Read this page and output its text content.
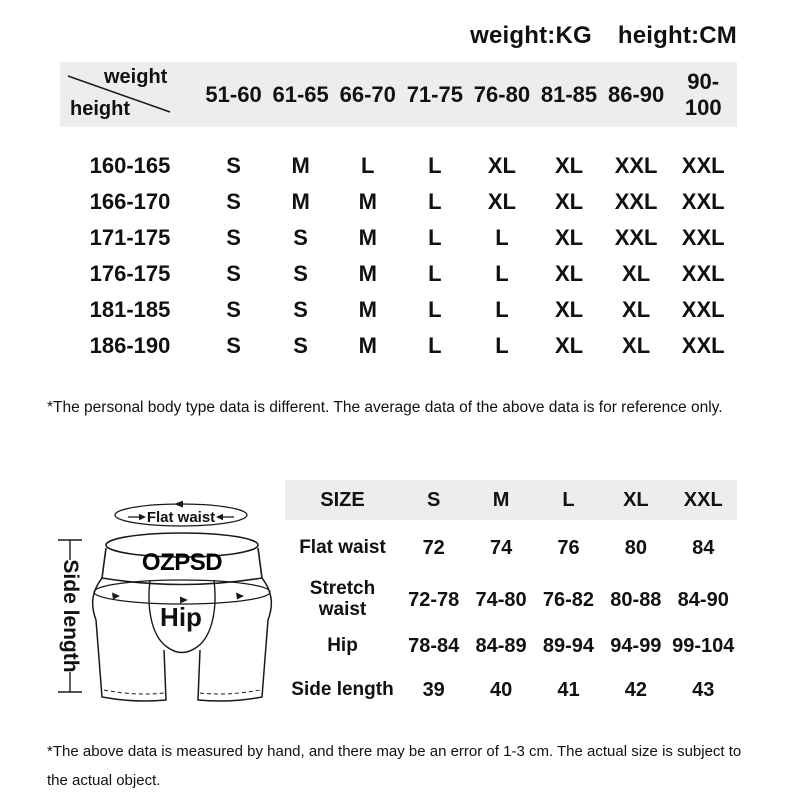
weight:KG height:CM
weight
height
51-60 61-65 66-70 71-75 76-80 81-85 86-90
90-100
160-165	S	M	L	L	XL	XL	XXL	XXL
166-170	S	M	M	L	XL	XL	XXL	XXL
171-175	S	S	M	L	L	XL	XXL	XXL
176-175	S	S	M	L	L	XL	XL	XXL
181-185	S	S	M	L	L	XL	XL	XXL
186-190	S	S	M	L	L	XL	XL	XXL
*The personal body type data is different. The average data of the above data is for reference only.
Flat waist
OZPSD
Hip
Side length
SIZE	S	M	L	XL	XXL
Flat waist	72	74	76	80	84
Stretch waist	72-78 74-80 76-82 80-88 84-90
Hip	78-84 84-89 89-94 94-99 99-104
Side length	39	40	41	42	43
*The above data is measured by hand, and there may be an error of 1-3 cm. The actual size is subject to
the actual object.
